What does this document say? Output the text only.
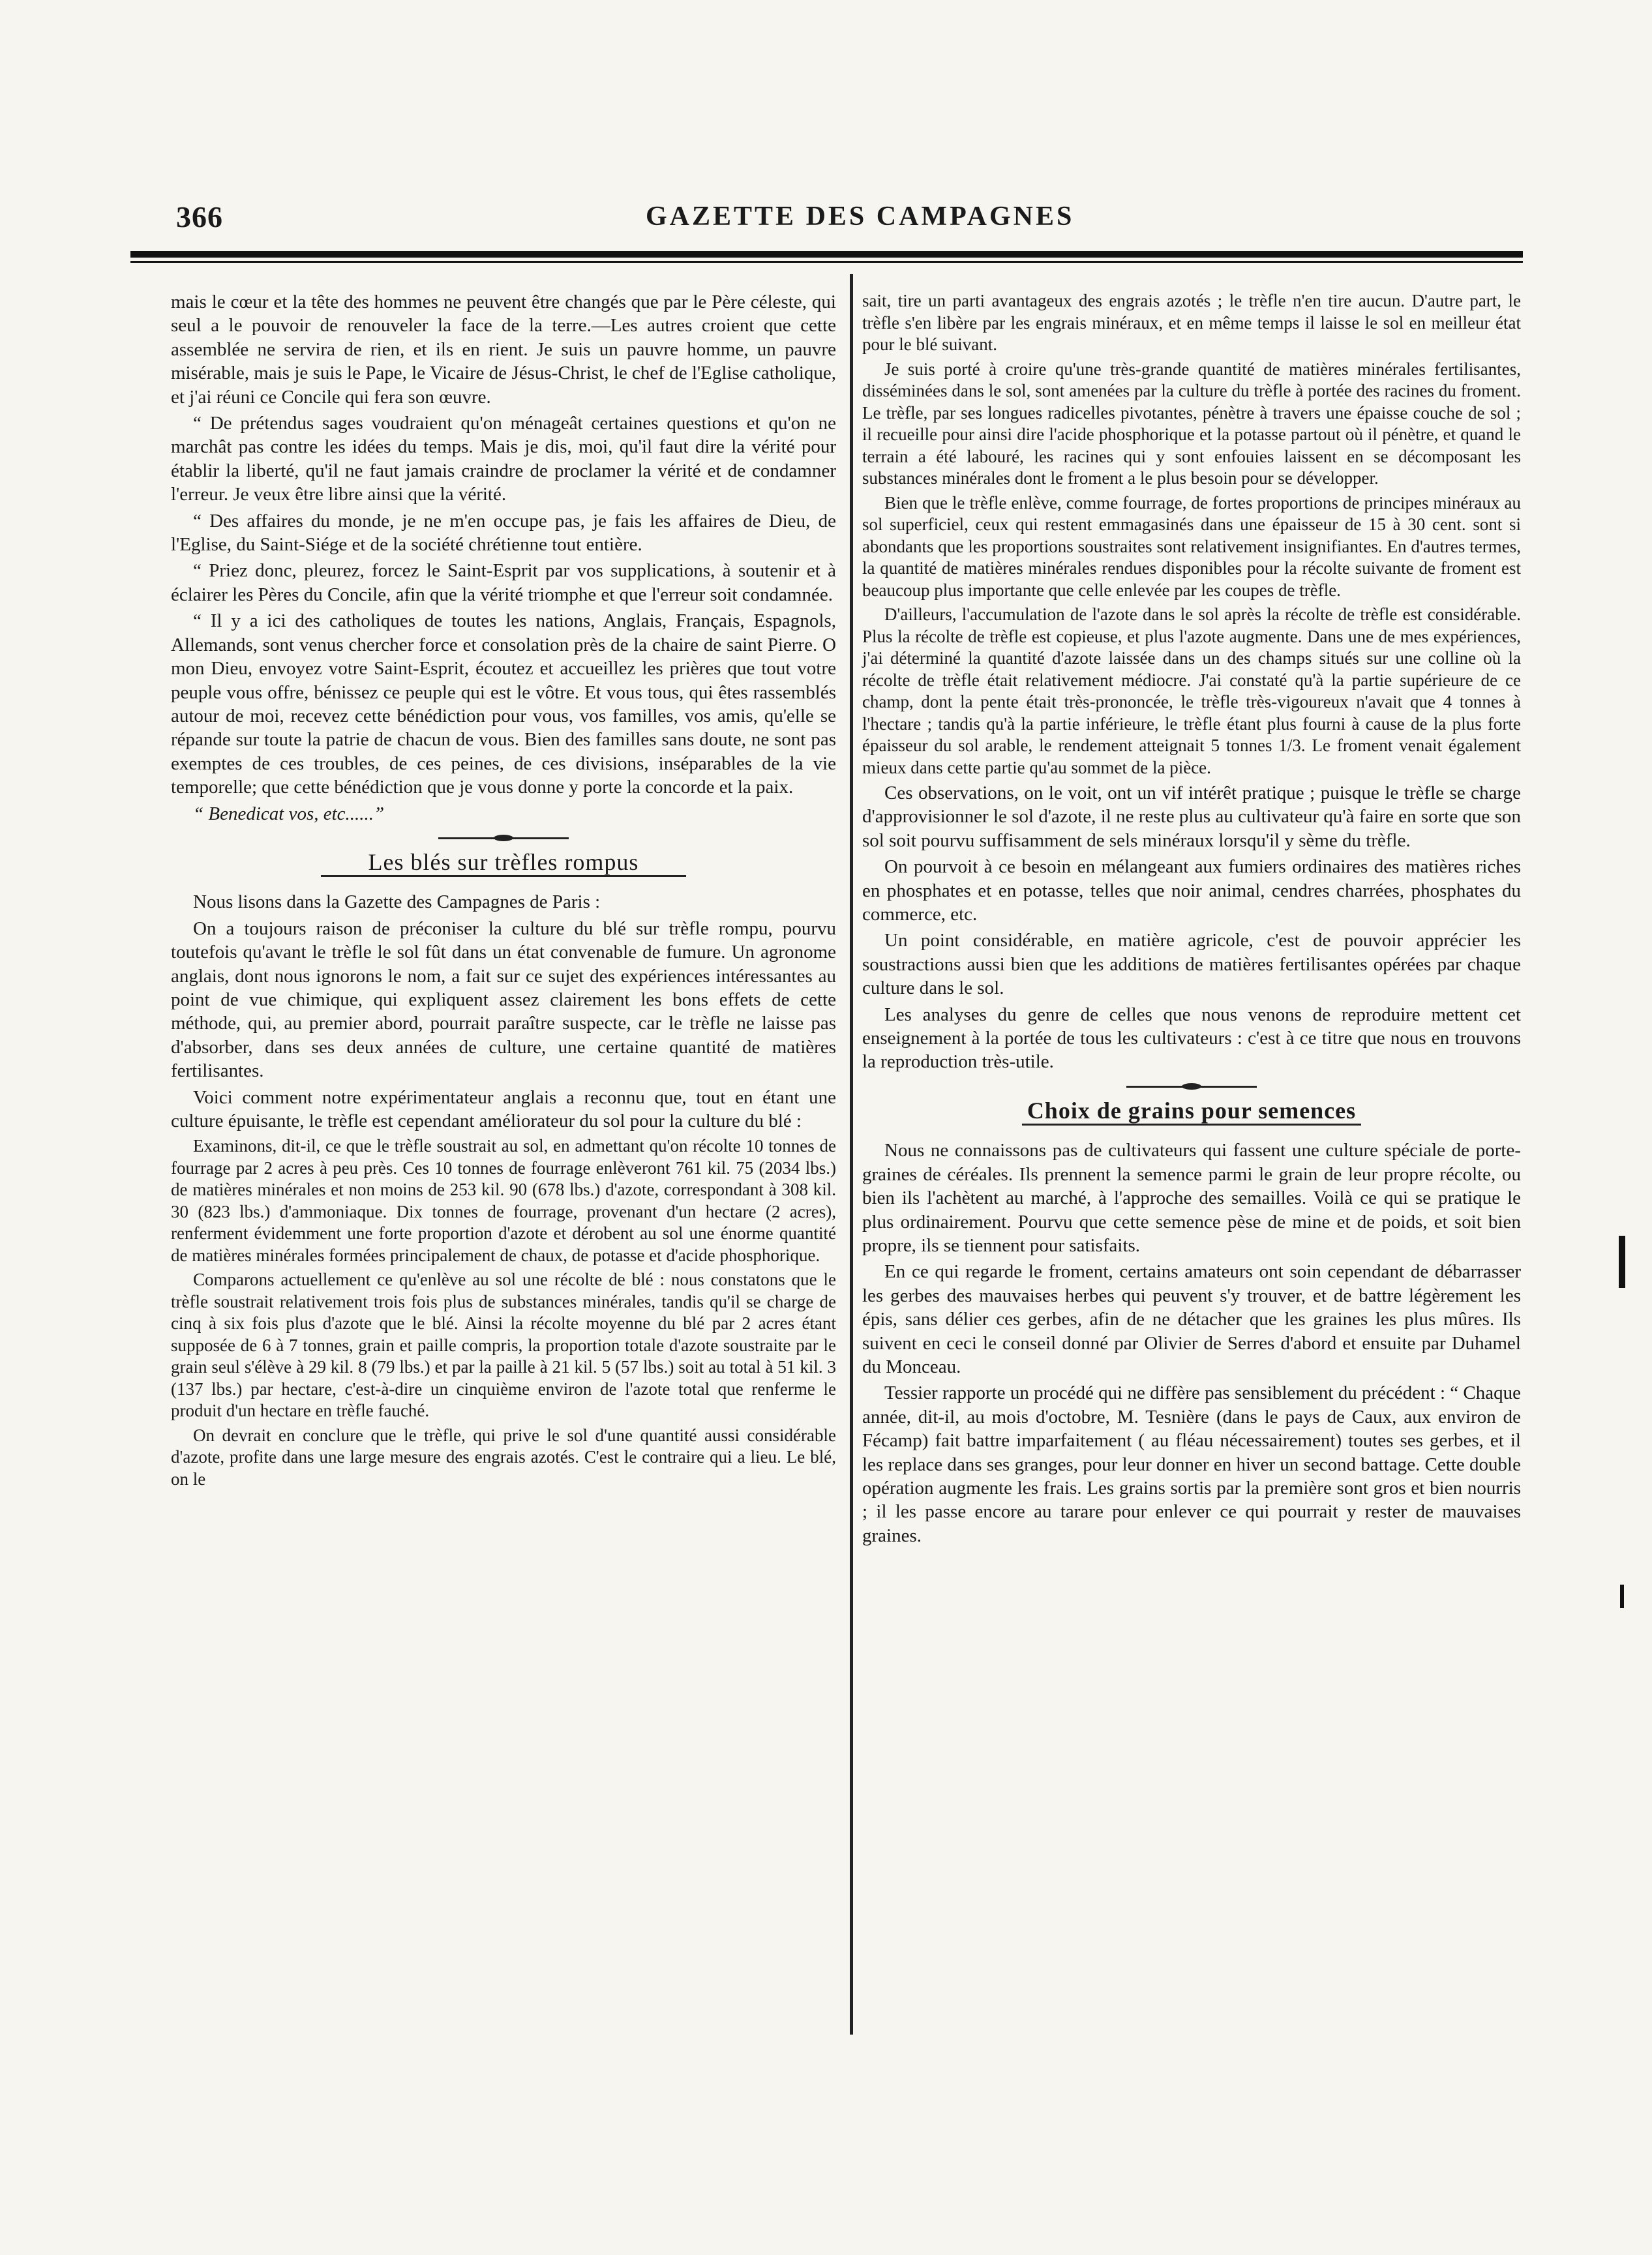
366	GAZETTE DES CAMPAGNES

mais le cœur et la tête des hommes ne peuvent être changés que par le Père céleste, qui seul a le pouvoir de renouveler la face de la terre.—Les autres croient que cette assemblée ne servira de rien, et ils en rient. Je suis un pauvre homme, un pauvre misérable, mais je suis le Pape, le Vicaire de Jésus-Christ, le chef de l'Eglise catholique, et j'ai réuni ce Concile qui fera son œuvre.

“ De prétendus sages voudraient qu'on ménageât certaines questions et qu'on ne marchât pas contre les idées du temps. Mais je dis, moi, qu'il faut dire la vérité pour établir la liberté, qu'il ne faut jamais craindre de proclamer la vérité et de condamner l'erreur. Je veux être libre ainsi que la vérité.

“ Des affaires du monde, je ne m'en occupe pas, je fais les affaires de Dieu, de l'Eglise, du Saint-Siége et de la société chrétienne tout entière.

“ Priez donc, pleurez, forcez le Saint-Esprit par vos supplications, à soutenir et à éclairer les Pères du Concile, afin que la vérité triomphe et que l'erreur soit condamnée.

“ Il y a ici des catholiques de toutes les nations, Anglais, Français, Espagnols, Allemands, sont venus chercher force et consolation près de la chaire de saint Pierre. O mon Dieu, envoyez votre Saint-Esprit, écoutez et accueillez les prières que tout votre peuple vous offre, bénissez ce peuple qui est le vôtre. Et vous tous, qui êtes rassemblés autour de moi, recevez cette bénédiction pour vous, vos familles, vos amis, qu'elle se répande sur toute la patrie de chacun de vous. Bien des familles sans doute, ne sont pas exemptes de ces troubles, de ces peines, de ces divisions, inséparables de la vie temporelle; que cette bénédiction que je vous donne y porte la concorde et la paix.

“ Benedicat vos, etc......”

Les blés sur trèfles rompus

Nous lisons dans la Gazette des Campagnes de Paris :

On a toujours raison de préconiser la culture du blé sur trèfle rompu, pourvu toutefois qu'avant le trèfle le sol fût dans un état convenable de fumure. Un agronome anglais, dont nous ignorons le nom, a fait sur ce sujet des expériences intéressantes au point de vue chimique, qui expliquent assez clairement les bons effets de cette méthode, qui, au premier abord, pourrait paraître suspecte, car le trèfle ne laisse pas d'absorber, dans ses deux années de culture, une certaine quantité de matières fertilisantes.

Voici comment notre expérimentateur anglais a reconnu que, tout en étant une culture épuisante, le trèfle est cependant améliorateur du sol pour la culture du blé :

Examinons, dit-il, ce que le trèfle soustrait au sol, en admettant qu'on récolte 10 tonnes de fourrage par 2 acres à peu près. Ces 10 tonnes de fourrage enlèveront 761 kil. 75 (2034 lbs.) de matières minérales et non moins de 253 kil. 90 (678 lbs.) d'azote, correspondant à 308 kil. 30 (823 lbs.) d'ammoniaque. Dix tonnes de fourrage, provenant d'un hectare (2 acres), renferment évidemment une forte proportion d'azote et dérobent au sol une énorme quantité de matières minérales formées principalement de chaux, de potasse et d'acide phosphorique.

Comparons actuellement ce qu'enlève au sol une récolte de blé : nous constatons que le trèfle soustrait relativement trois fois plus de substances minérales, tandis qu'il se charge de cinq à six fois plus d'azote que le blé. Ainsi la récolte moyenne du blé par 2 acres étant supposée de 6 à 7 tonnes, grain et paille compris, la proportion totale d'azote soustraite par le grain seul s'élève à 29 kil. 8 (79 lbs.) et par la paille à 21 kil. 5 (57 lbs.) soit au total à 51 kil. 3 (137 lbs.) par hectare, c'est-à-dire un cinquième environ de l'azote total que renferme le produit d'un hectare en trèfle fauché.

On devrait en conclure que le trèfle, qui prive le sol d'une quantité aussi considérable d'azote, profite dans une large mesure des engrais azotés. C'est le contraire qui a lieu. Le blé, on le

sait, tire un parti avantageux des engrais azotés ; le trèfle n'en tire aucun. D'autre part, le trèfle s'en libère par les engrais minéraux, et en même temps il laisse le sol en meilleur état pour le blé suivant.

Je suis porté à croire qu'une très-grande quantité de matières minérales fertilisantes, disséminées dans le sol, sont amenées par la culture du trèfle à portée des racines du froment. Le trèfle, par ses longues radicelles pivotantes, pénètre à travers une épaisse couche de sol ; il recueille pour ainsi dire l'acide phosphorique et la potasse partout où il pénètre, et quand le terrain a été labouré, les racines qui y sont enfouies laissent en se décomposant les substances minérales dont le froment a le plus besoin pour se développer.

Bien que le trèfle enlève, comme fourrage, de fortes proportions de principes minéraux au sol superficiel, ceux qui restent emmagasinés dans une épaisseur de 15 à 30 cent. sont si abondants que les proportions soustraites sont relativement insignifiantes. En d'autres termes, la quantité de matières minérales rendues disponibles pour la récolte suivante de froment est beaucoup plus importante que celle enlevée par les coupes de trèfle.

D'ailleurs, l'accumulation de l'azote dans le sol après la récolte de trèfle est considérable. Plus la récolte de trèfle est copieuse, et plus l'azote augmente. Dans une de mes expériences, j'ai déterminé la quantité d'azote laissée dans un des champs situés sur une colline où la récolte de trèfle était relativement médiocre. J'ai constaté qu'à la partie supérieure de ce champ, dont la pente était très-prononcée, le trèfle très-vigoureux n'avait que 4 tonnes à l'hectare ; tandis qu'à la partie inférieure, le trèfle étant plus fourni à cause de la plus forte épaisseur du sol arable, le rendement atteignait 5 tonnes 1/3. Le froment venait également mieux dans cette partie qu'au sommet de la pièce.

Ces observations, on le voit, ont un vif intérêt pratique ; puisque le trèfle se charge d'approvisionner le sol d'azote, il ne reste plus au cultivateur qu'à faire en sorte que son sol soit pourvu suffisamment de sels minéraux lorsqu'il y sème du trèfle.

On pourvoit à ce besoin en mélangeant aux fumiers ordinaires des matières riches en phosphates et en potasse, telles que noir animal, cendres charrées, phosphates du commerce, etc.

Un point considérable, en matière agricole, c'est de pouvoir apprécier les soustractions aussi bien que les additions de matières fertilisantes opérées par chaque culture dans le sol.

Les analyses du genre de celles que nous venons de reproduire mettent cet enseignement à la portée de tous les cultivateurs : c'est à ce titre que nous en trouvons la reproduction très-utile.

Choix de grains pour semences

Nous ne connaissons pas de cultivateurs qui fassent une culture spéciale de porte-graines de céréales. Ils prennent la semence parmi le grain de leur propre récolte, ou bien ils l'achètent au marché, à l'approche des semailles. Voilà ce qui se pratique le plus ordinairement. Pourvu que cette semence pèse de mine et de poids, et soit bien propre, ils se tiennent pour satisfaits.

En ce qui regarde le froment, certains amateurs ont soin cependant de débarrasser les gerbes des mauvaises herbes qui peuvent s'y trouver, et de battre légèrement les épis, sans délier ces gerbes, afin de ne détacher que les graines les plus mûres. Ils suivent en ceci le conseil donné par Olivier de Serres d'abord et ensuite par Duhamel du Monceau.

Tessier rapporte un procédé qui ne diffère pas sensiblement du précédent : “ Chaque année, dit-il, au mois d'octobre, M. Tesnière (dans le pays de Caux, aux environ de Fécamp) fait battre imparfaitement ( au fléau nécessairement) toutes ses gerbes, et il les replace dans ses granges, pour leur donner en hiver un second battage. Cette double opération augmente les frais. Les grains sortis par la première sont gros et bien nourris ; il les passe encore au tarare pour enlever ce qui pourrait y rester de mauvaises graines.
